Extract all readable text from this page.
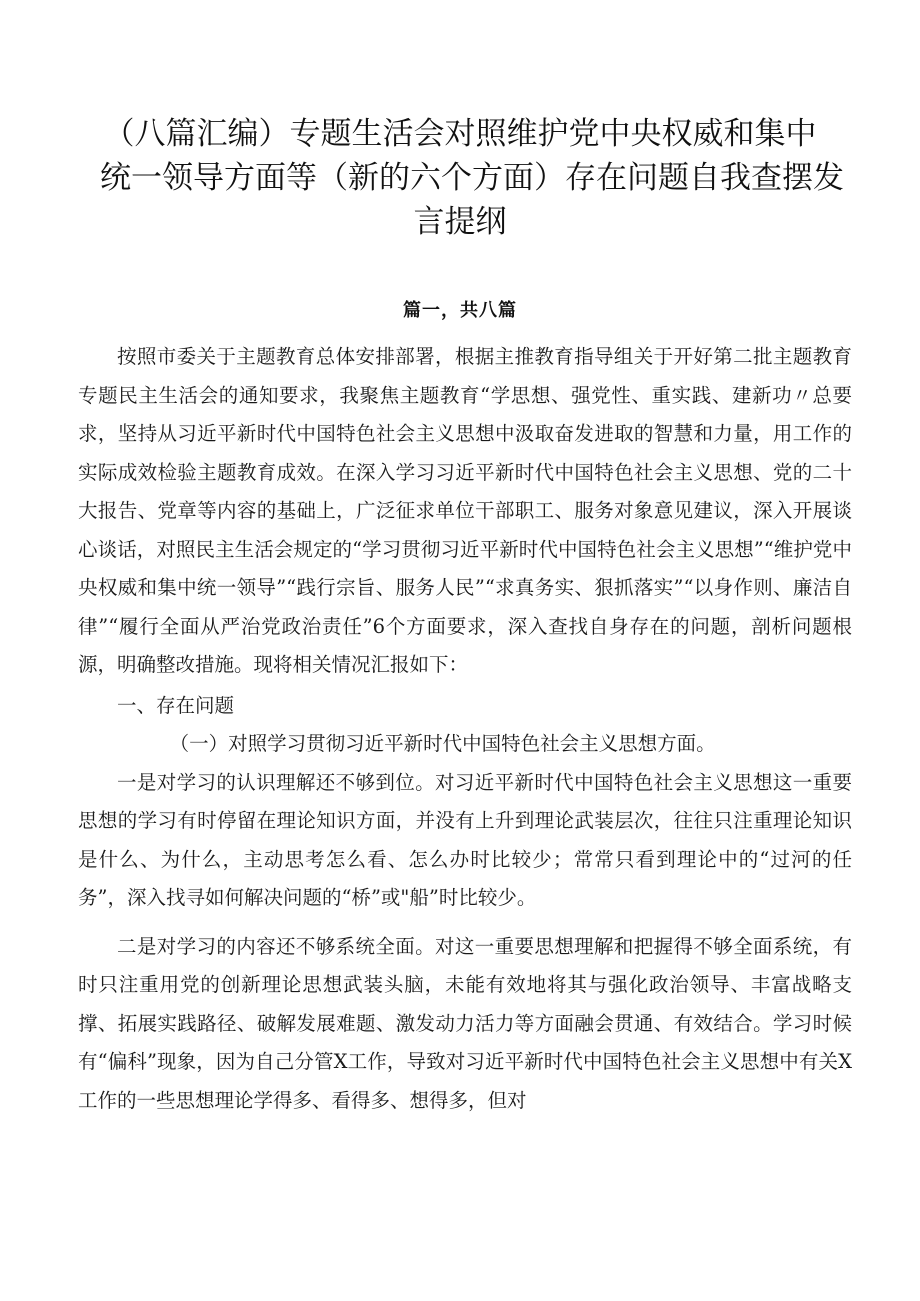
（八篇汇编）专题生活会对照维护党中央权威和集中
统一领导方面等（新的六个方面）存在问题自我查摆发
言提纲
篇一，共八篇

按照市委关于主题教育总体安排部署，根据主推教育指导组关于开好第二批主题教育专题民主生活会的通知要求，我聚焦主题教育“学思想、强党性、重实践、建新功〃总要求，坚持从习近平新时代中国特色社会主义思想中汲取奋发进取的智慧和力量，用工作的实际成效检验主题教育成效。在深入学习习近平新时代中国特色社会主义思想、党的二十大报告、党章等内容的基础上，广泛征求单位干部职工、服务对象意见建议，深入开展谈心谈话，对照民主生活会规定的“学习贯彻习近平新时代中国特色社会主义思想”“维护党中央权威和集中统一领导”“践行宗旨、服务人民”“求真务实、狠抓落实”“以身作则、廉洁自律”“履行全面从严治党政治责任”6个方面要求，深入查找自身存在的问题，剖析问题根源，明确整改措施。现将相关情况汇报如下：

一、存在问题

（一）对照学习贯彻习近平新时代中国特色社会主义思想方面。

一是对学习的认识理解还不够到位。对习近平新时代中国特色社会主义思想这一重要思想的学习有时停留在理论知识方面，并没有上升到理论武装层次，往往只注重理论知识是什么、为什么，主动思考怎么看、怎么办时比较少；常常只看到理论中的“过河的任务”，深入找寻如何解决问题的“桥”或"船”时比较少。

二是对学习的内容还不够系统全面。对这一重要思想理解和把握得不够全面系统，有时只注重用党的创新理论思想武装头脑，未能有效地将其与强化政治领导、丰富战略支撑、拓展实践路径、破解发展难题、激发动力活力等方面融会贯通、有效结合。学习时候有“偏科”现象，因为自己分管X工作，导致对习近平新时代中国特色社会主义思想中有关X工作的一些思想理论学得多、看得多、想得多，但对
